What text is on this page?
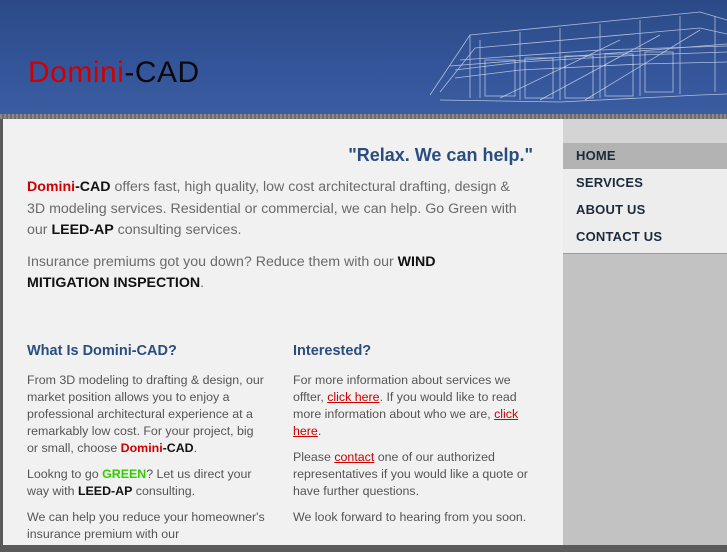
Domini-CAD
"Relax. We can help."

Domini-CAD offers fast, high quality, low cost architectural drafting, design & 3D modeling services. Residential or commercial, we can help. Go Green with our LEED-AP consulting services.

Insurance premiums got you down? Reduce them with our WIND MITIGATION INSPECTION.

What Is Domini-CAD?

From 3D modeling to drafting & design, our market position allows you to enjoy a professional architectural experience at a remarkably low cost. For your project, big or small, choose Domini-CAD.

Lookng to go GREEN? Let us direct your way with LEED-AP consulting.

We can help you reduce your homeowner's insurance premium with our

Interested?

For more information about services we offter, click here. If you would like to read more information about who we are, click here.

Please contact one of our authorized representatives if you would like a quote or have further questions.

We look forward to hearing from you soon.

HOME
SERVICES
ABOUT US
CONTACT US
